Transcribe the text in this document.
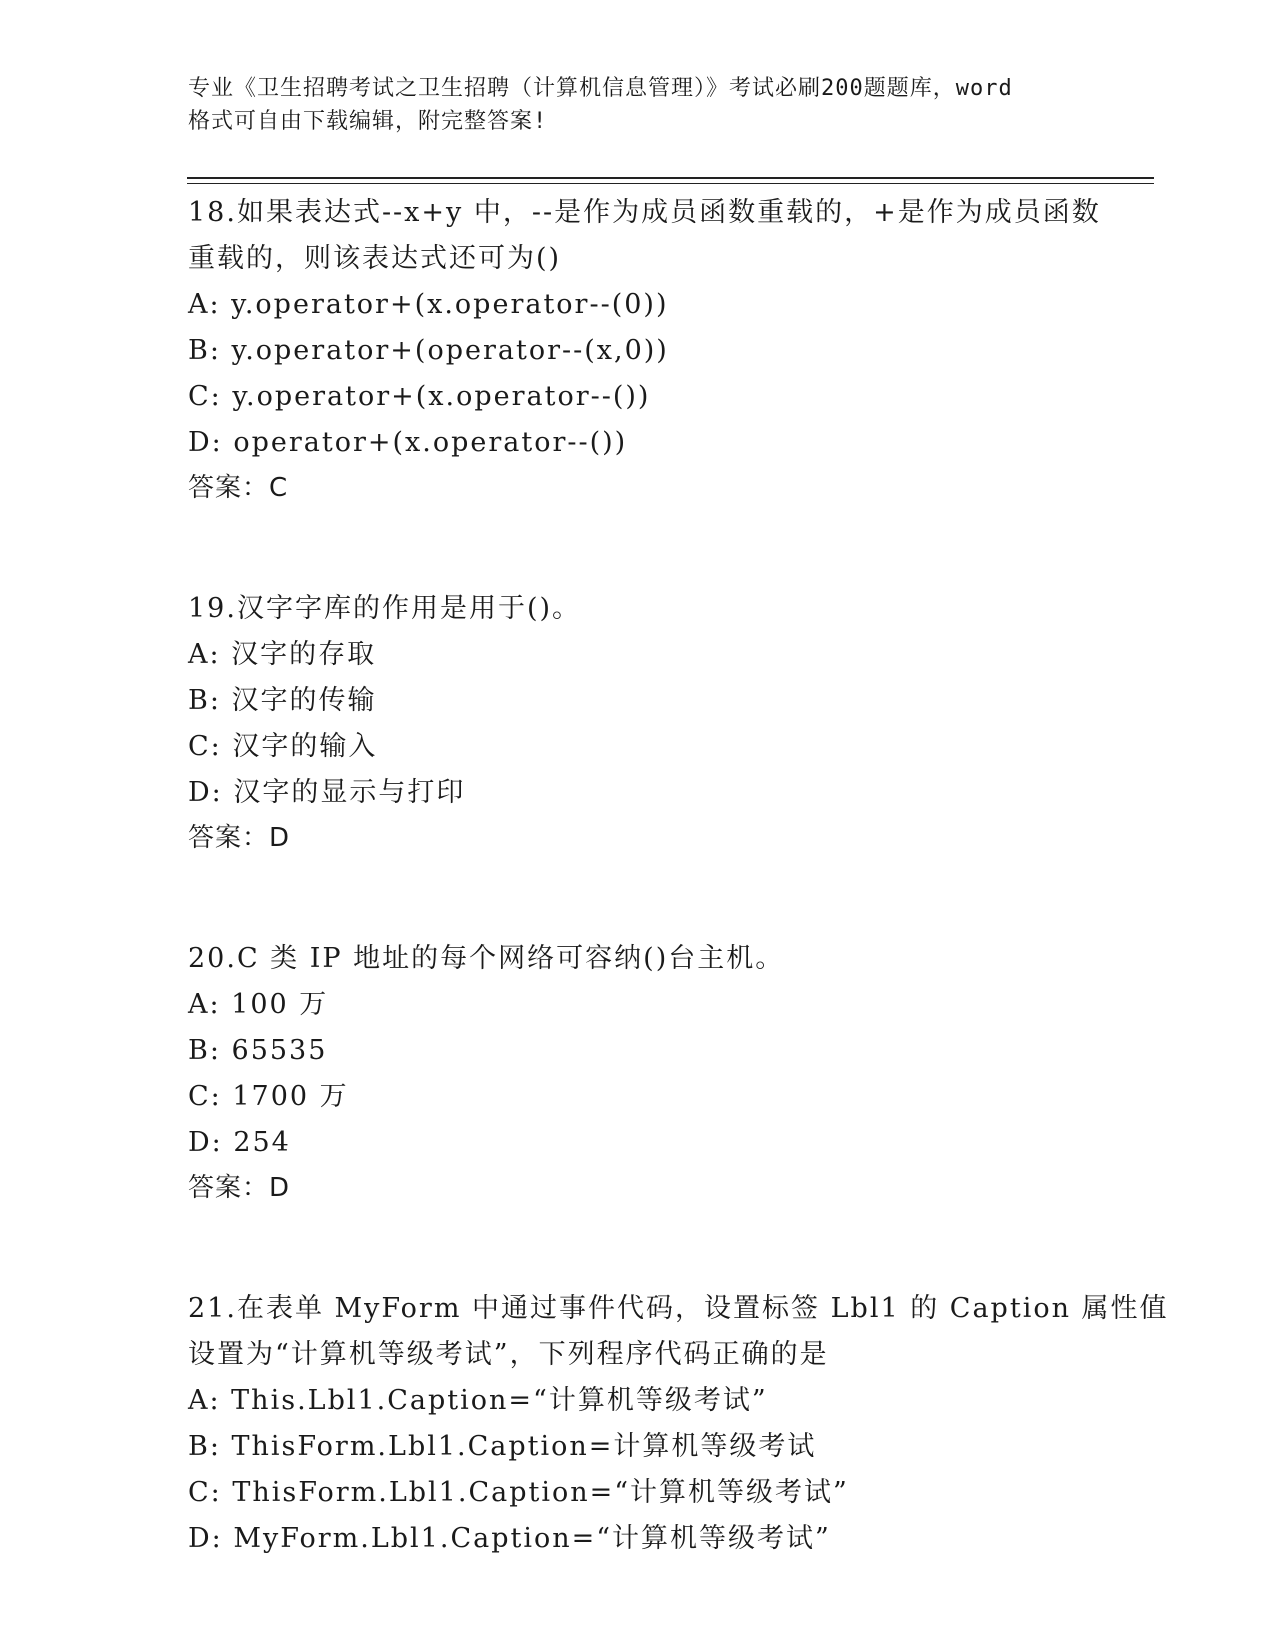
专业《卫生招聘考试之卫生招聘（计算机信息管理）》考试必刷200题题库，word
格式可自由下载编辑，附完整答案!
18.如果表达式--x+y 中，--是作为成员函数重载的，+是作为成员函数
重载的，则该表达式还可为()
A: y.operator+(x.operator--(0))
B: y.operator+(operator--(x,0))
C: y.operator+(x.operator--())
D: operator+(x.operator--())
答案：C
19.汉字字库的作用是用于()。
A: 汉字的存取
B: 汉字的传输
C: 汉字的输入
D: 汉字的显示与打印
答案：D
20.C 类 IP 地址的每个网络可容纳()台主机。
A: 100 万
B: 65535
C: 1700 万
D: 254
答案：D
21.在表单 MyForm 中通过事件代码，设置标签 Lbl1 的 Caption 属性值
设置为“计算机等级考试”，下列程序代码正确的是
A: This.Lbl1.Caption=“计算机等级考试”
B: ThisForm.Lbl1.Caption=计算机等级考试
C: ThisForm.Lbl1.Caption=“计算机等级考试”
D: MyForm.Lbl1.Caption=“计算机等级考试”
